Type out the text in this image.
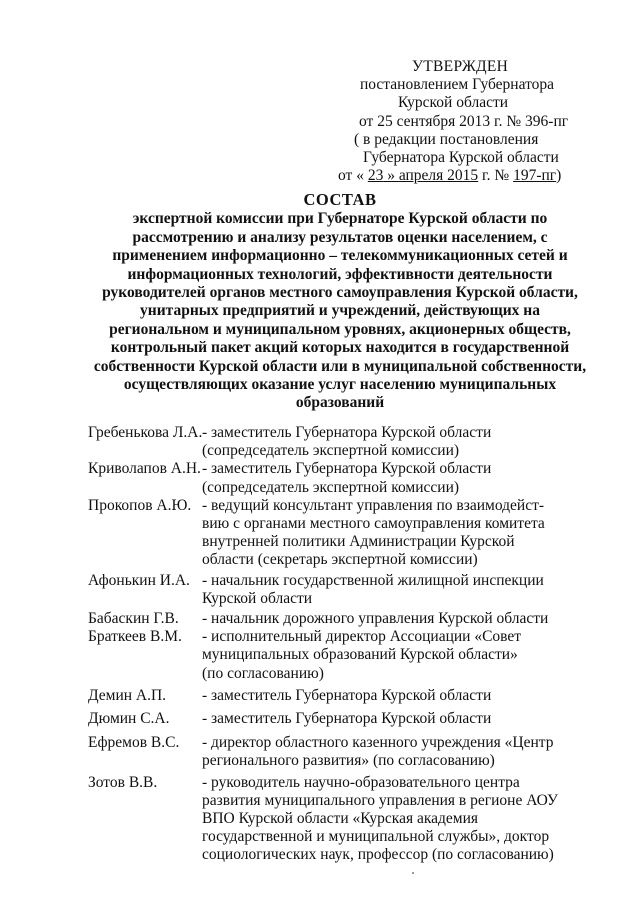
УТВЕРЖДЕН
постановлением Губернатора
Курской области
от 25 сентября 2013 г. № 396-пг
( в редакции постановления
Губернатора Курской области
от « 23 » апреля 2015 г. № 197-пг)
СОСТАВ
экспертной комиссии при Губернаторе Курской области по
рассмотрению и анализу результатов оценки населением, с
применением информационно – телекоммуникационных сетей и
информационных технологий, эффективности деятельности
руководителей органов местного самоуправления Курской области,
унитарных предприятий и учреждений, действующих на
региональном и муниципальном уровнях, акционерных обществ,
контрольный пакет акций которых находится в государственной
собственности Курской области или в муниципальной собственности,
осуществляющих оказание услуг населению муниципальных
образований
Гребенькова Л.А. - заместитель Губернатора Курской области
(сопредседатель экспертной комиссии)
Криволапов А.Н. - заместитель Губернатора Курской области
(сопредседатель экспертной комиссии)
Прокопов А.Ю. - ведущий консультант управления по взаимодейст-
вию с органами местного самоуправления комитета
внутренней политики Администрации Курской
области (секретарь экспертной комиссии)
Афонькин И.А. - начальник государственной жилищной инспекции
Курской области
Бабаскин Г.В.	- начальник дорожного управления Курской области
Браткеев В.М.	- исполнительный директор Ассоциации «Совет
муниципальных образований Курской области»
(по согласованию)
Демин А.П.	- заместитель Губернатора Курской области
Дюмин С.А.	- заместитель Губернатора Курской области
Ефремов В.С.	- директор областного казенного учреждения «Центр
регионального развития» (по согласованию)
Зотов В.В.	- руководитель научно-образовательного центра
развития муниципального управления в регионе АОУ
ВПО Курской области «Курская академия
государственной и муниципальной службы», доктор
социологических наук, профессор (по согласованию)
